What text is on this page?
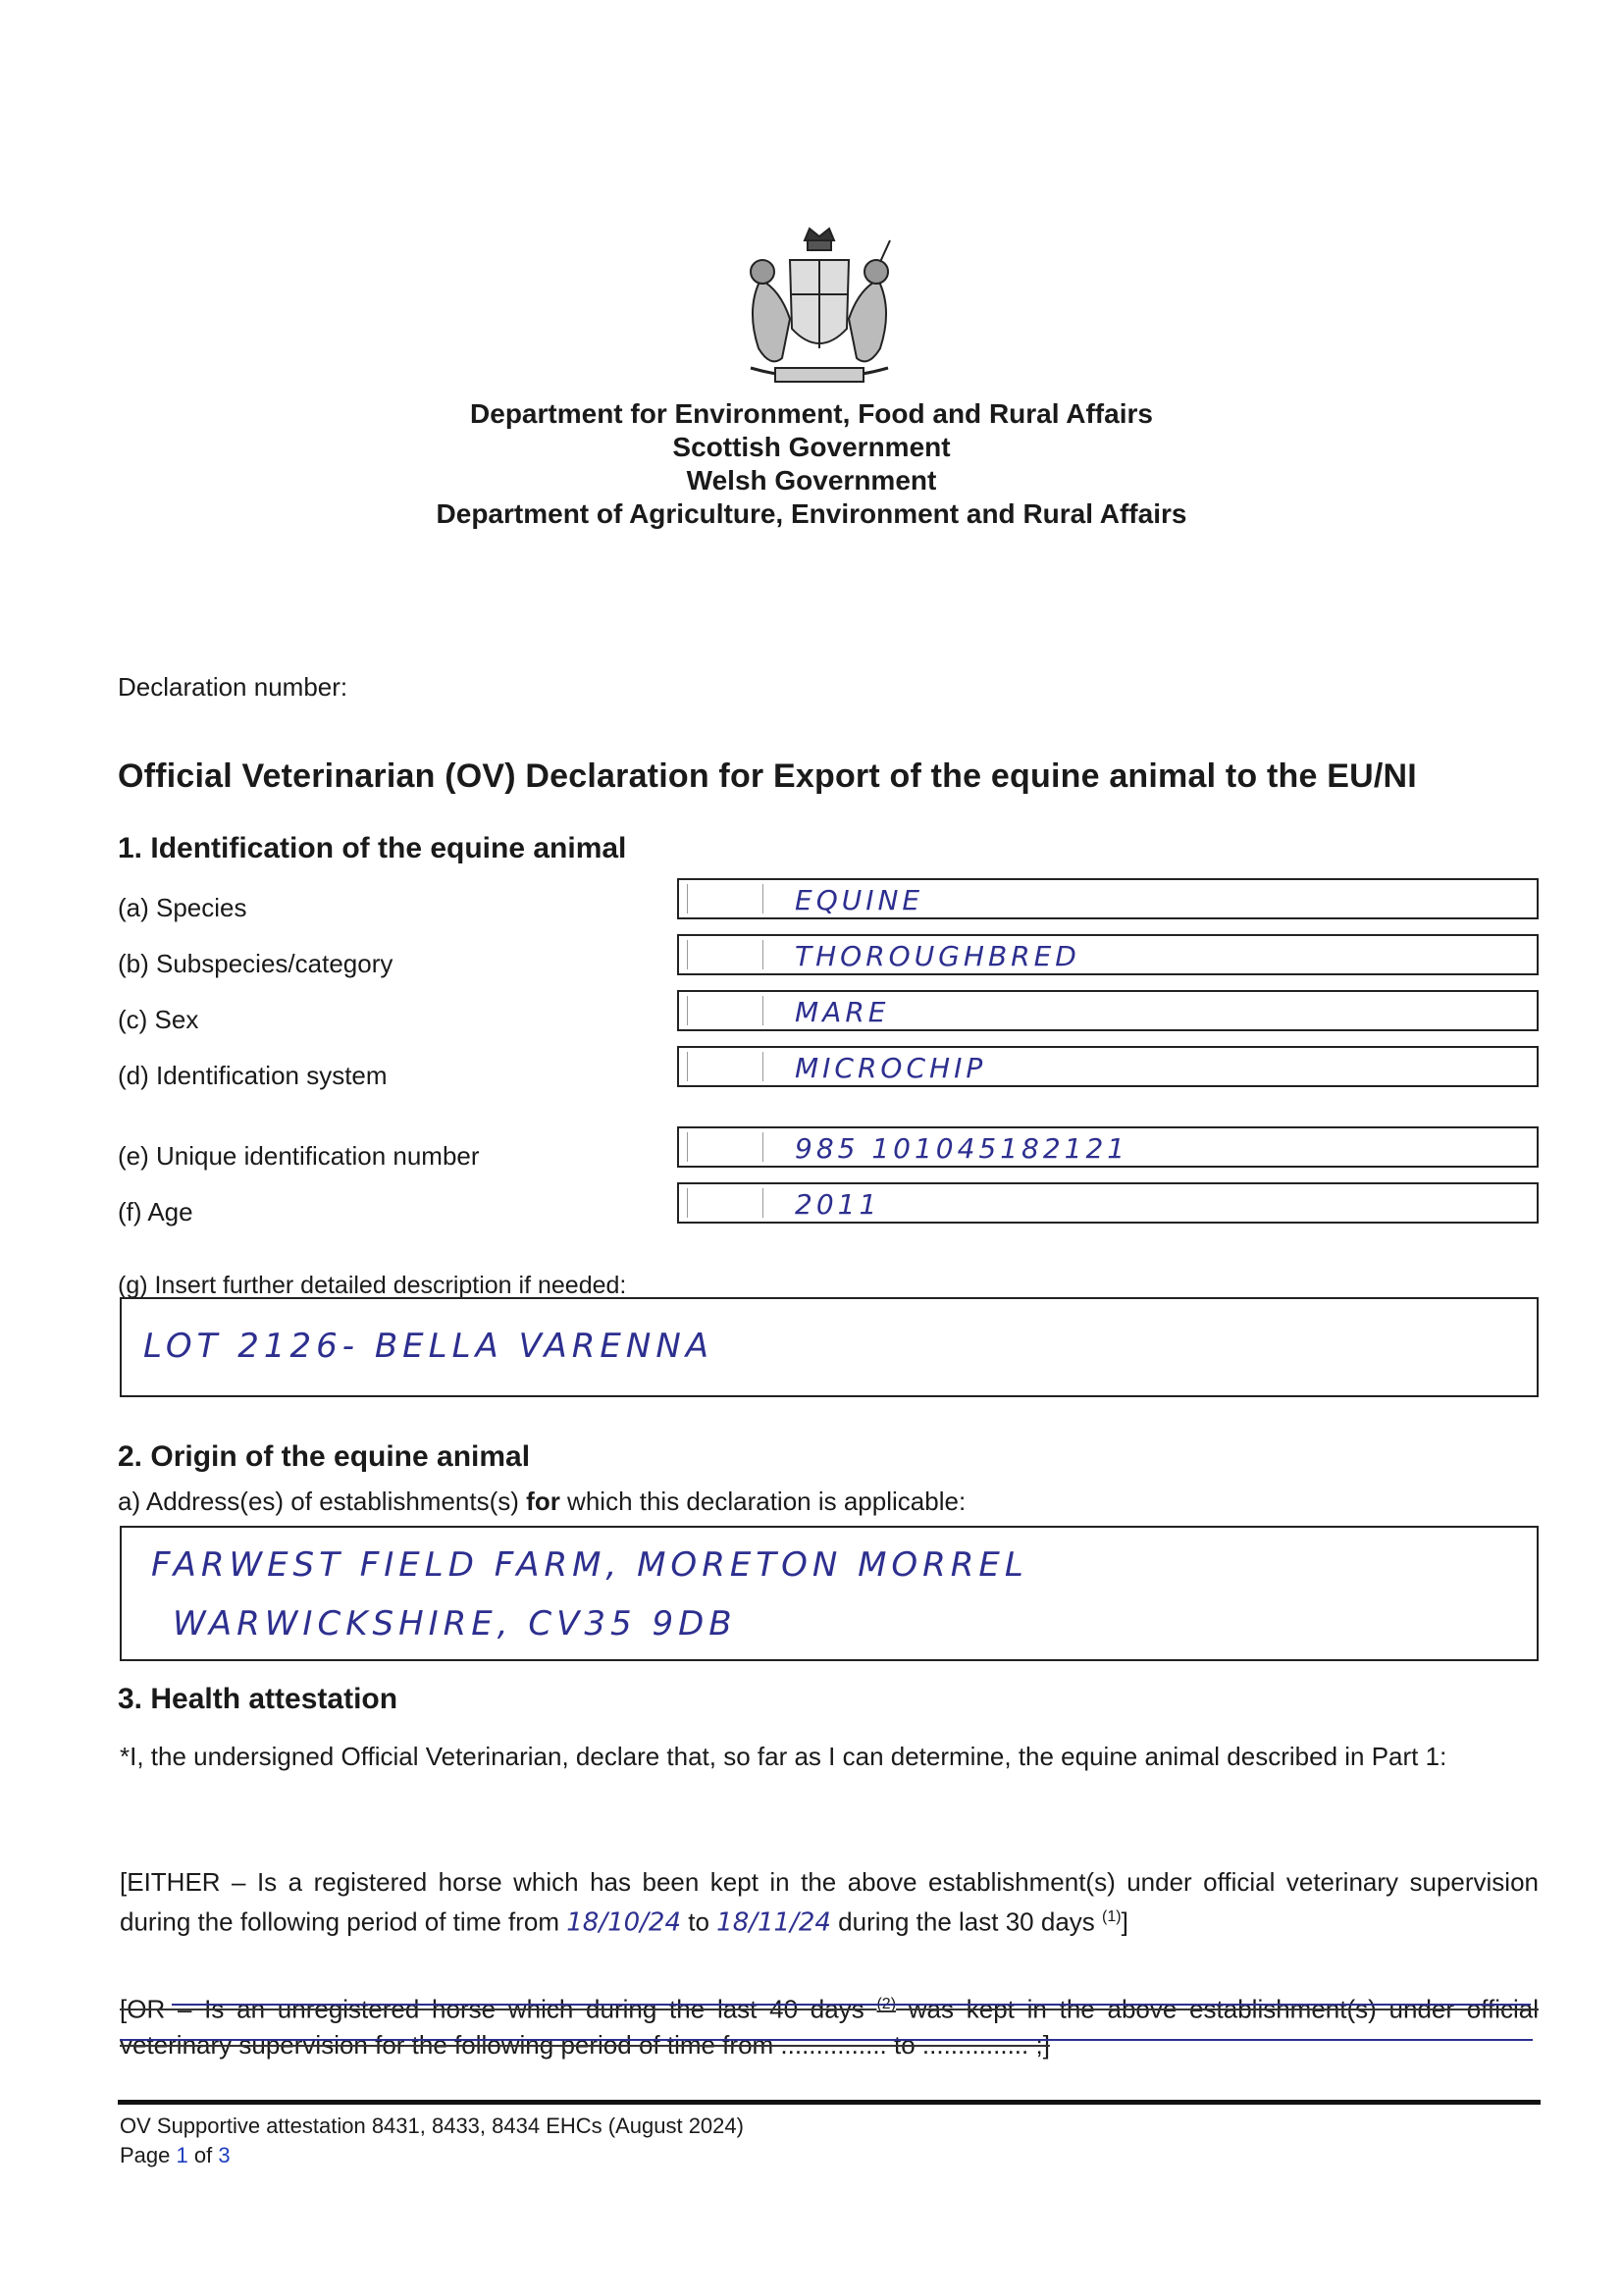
Department for Environment, Food and Rural Affairs
Scottish Government
Welsh Government
Department of Agriculture, Environment and Rural Affairs
Declaration number:
Official Veterinarian (OV) Declaration for Export of the equine animal to the EU/NI
1. Identification of the equine animal
(a) Species	EQUINE
(b) Subspecies/category	THOROUGHBRED
(c) Sex	MARE
(d) Identification system	MICROCHIP
(e) Unique identification number	985 101045182121
(f) Age	2011
(g) Insert further detailed description if needed:
LOT 2126- BELLA VARENNA
2. Origin of the equine animal
a) Address(es) of establishments(s) for which this declaration is applicable:
FARWEST FIELD FARM, MORETON MORREL
WARWICKSHIRE, CV35 9DB
3. Health attestation
*I, the undersigned Official Veterinarian, declare that, so far as I can determine, the equine animal described in Part 1:
[EITHER – Is a registered horse which has been kept in the above establishment(s) under official veterinary supervision during the following period of time from 18/10/24 to 18/11/24 during the last 30 days $^{(1)}$]
[OR – Is an unregistered horse which during the last 40 days $^{(2)}$ was kept in the above establishment(s) under official veterinary supervision for the following period of time from ............... to ............... ;]
OV Supportive attestation 8431, 8433, 8434 EHCs (August 2024)
Page 1 of 3
